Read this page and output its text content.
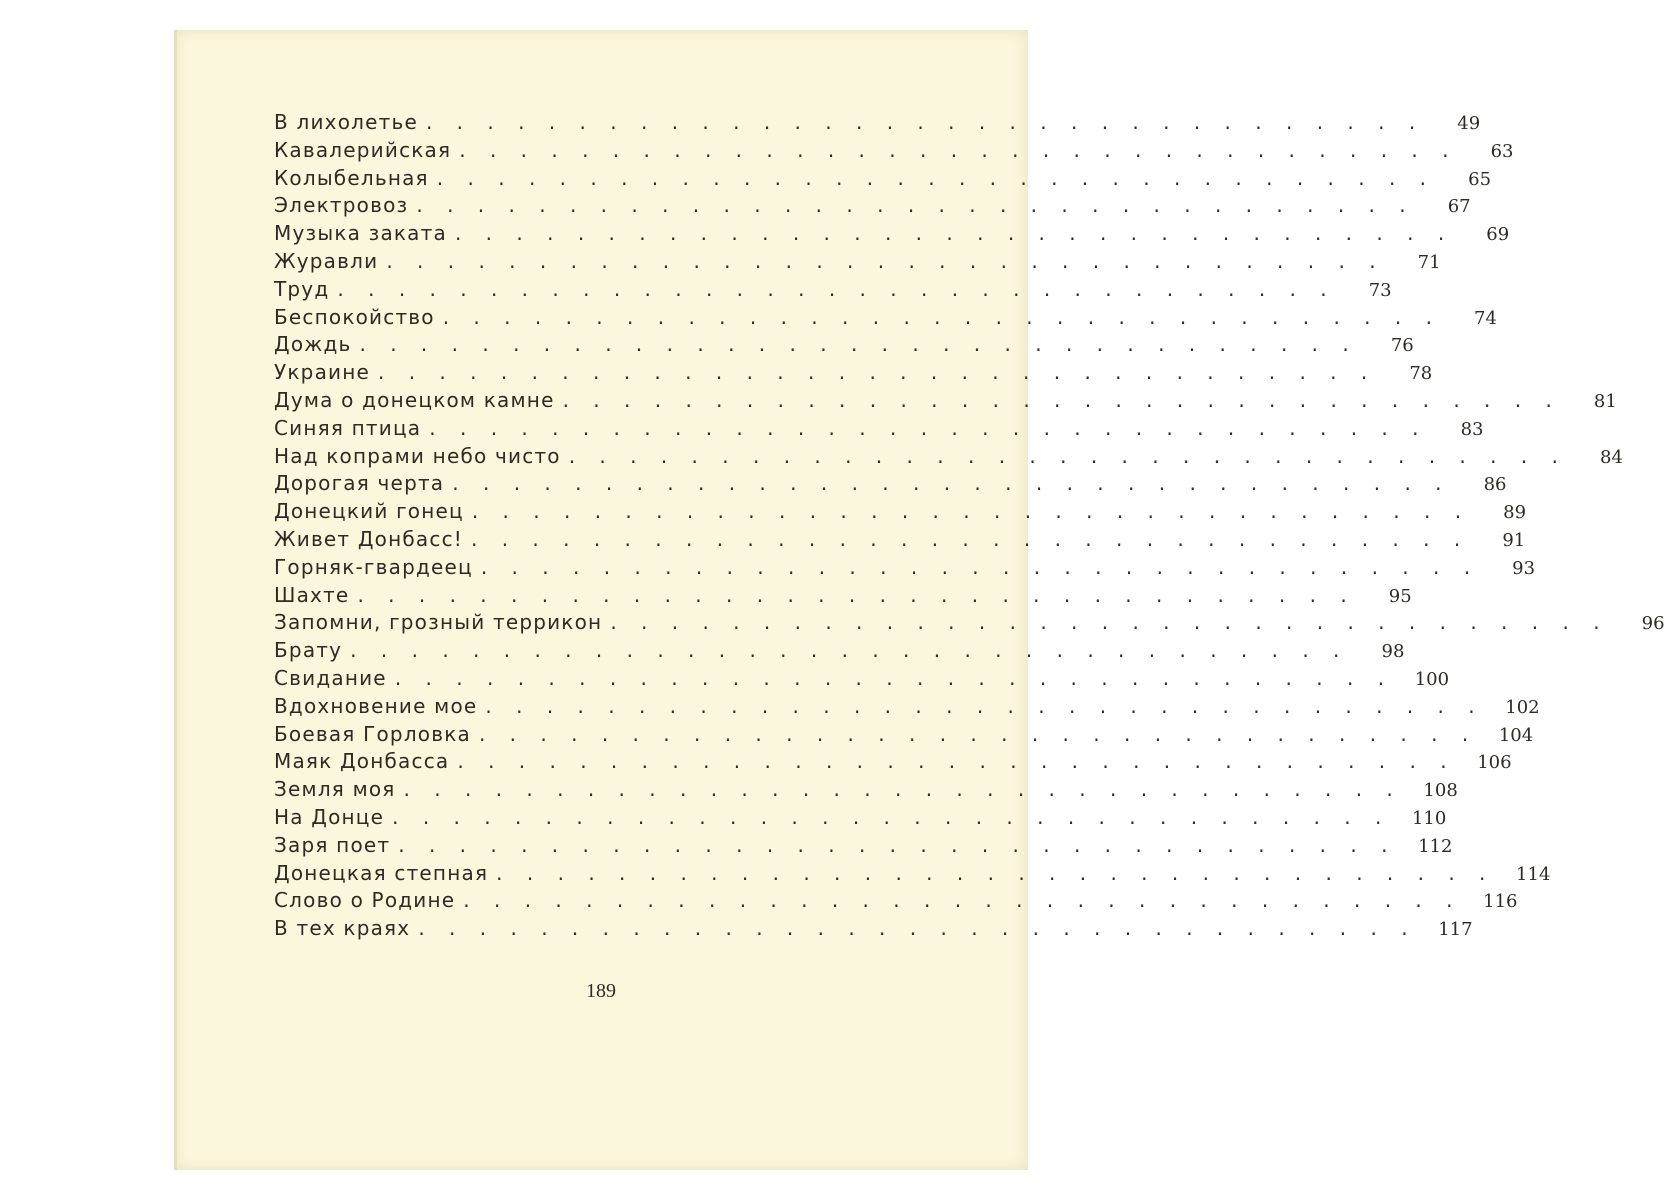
В лихолетье . . . . . . . . . . . . . . . . . . . . . . . . . . . . . . . . .	49
Кавалерийская . . . . . . . . . . . . . . . . . . . . . . . . . . . . . . . . .	63
Колыбельная . . . . . . . . . . . . . . . . . . . . . . . . . . . . . . . . .	65
Электровоз . . . . . . . . . . . . . . . . . . . . . . . . . . . . . . . . .	67
Музыка заката . . . . . . . . . . . . . . . . . . . . . . . . . . . . . . . . .	69
Журавли . . . . . . . . . . . . . . . . . . . . . . . . . . . . . . . . .	71
Труд . . . . . . . . . . . . . . . . . . . . . . . . . . . . . . . . .	73
Беспокойство . . . . . . . . . . . . . . . . . . . . . . . . . . . . . . . . .	74
Дождь . . . . . . . . . . . . . . . . . . . . . . . . . . . . . . . . .	76
Украине . . . . . . . . . . . . . . . . . . . . . . . . . . . . . . . . .	78
Дума о донецком камне . . . . . . . . . . . . . . . . . . . . . . . . . . . . . . . . .	81
Синяя птица . . . . . . . . . . . . . . . . . . . . . . . . . . . . . . . . .	83
Над копрами небо чисто . . . . . . . . . . . . . . . . . . . . . . . . . . . . . . . . .	84
Дорогая черта . . . . . . . . . . . . . . . . . . . . . . . . . . . . . . . . .	86
Донецкий гонец . . . . . . . . . . . . . . . . . . . . . . . . . . . . . . . . .	89
Живет Донбасс! . . . . . . . . . . . . . . . . . . . . . . . . . . . . . . . . .	91
Горняк-гвардеец . . . . . . . . . . . . . . . . . . . . . . . . . . . . . . . . .	93
Шахте . . . . . . . . . . . . . . . . . . . . . . . . . . . . . . . . .	95
Запомни, грозный террикон . . . . . . . . . . . . . . . . . . . . . . . . . . . . . . . . .	96
Брату . . . . . . . . . . . . . . . . . . . . . . . . . . . . . . . . .	98
Свидание . . . . . . . . . . . . . . . . . . . . . . . . . . . . . . . . .	100
Вдохновение мое . . . . . . . . . . . . . . . . . . . . . . . . . . . . . . . . .	102
Боевая Горловка . . . . . . . . . . . . . . . . . . . . . . . . . . . . . . . . .	104
Маяк Донбасса . . . . . . . . . . . . . . . . . . . . . . . . . . . . . . . . .	106
Земля моя . . . . . . . . . . . . . . . . . . . . . . . . . . . . . . . . .	108
На Донце . . . . . . . . . . . . . . . . . . . . . . . . . . . . . . . . .	110
Заря поет . . . . . . . . . . . . . . . . . . . . . . . . . . . . . . . . .	112
Донецкая степная . . . . . . . . . . . . . . . . . . . . . . . . . . . . . . . . .	114
Слово о Родине . . . . . . . . . . . . . . . . . . . . . . . . . . . . . . . . .	116
В тех краях . . . . . . . . . . . . . . . . . . . . . . . . . . . . . . . . .	117
189
